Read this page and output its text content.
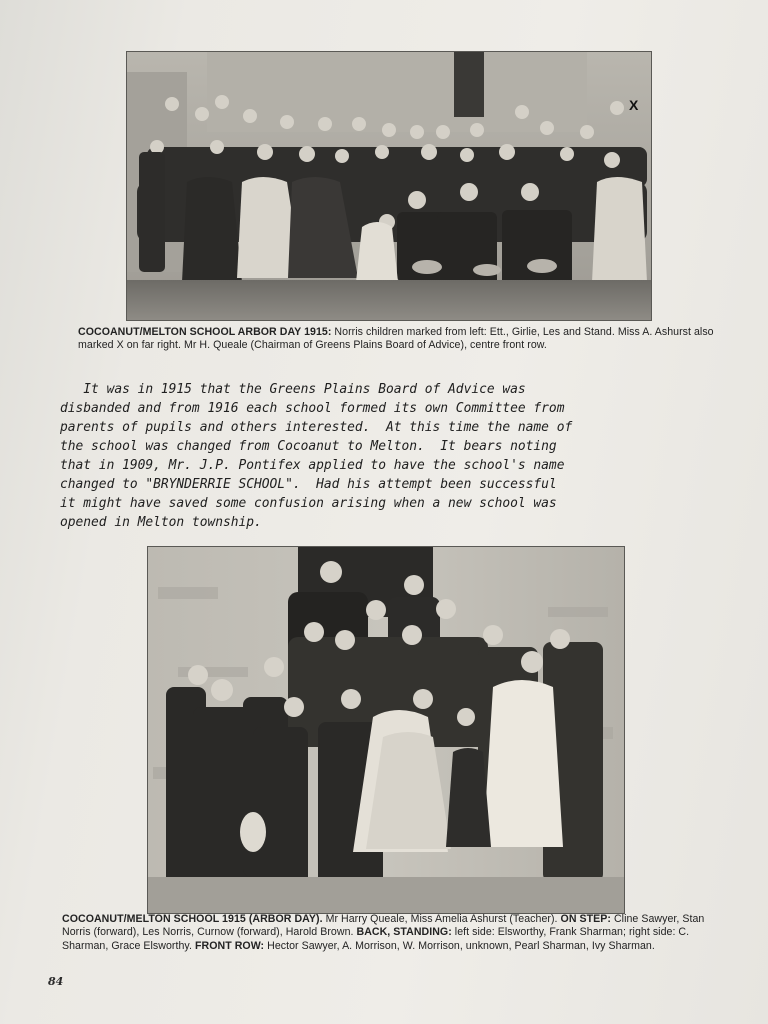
X
COCOANUT/MELTON SCHOOL ARBOR DAY 1915: Norris children marked from left: Ett., Girlie, Les and Stand. Miss A. Ashurst also marked X on far right. Mr H. Queale (Chairman of Greens Plains Board of Advice), centre front row.
It was in 1915 that the Greens Plains Board of Advice was
disbanded and from 1916 each school formed its own Committee from
parents of pupils and others interested.  At this time the name of
the school was changed from Cocoanut to Melton.  It bears noting
that in 1909, Mr. J.P. Pontifex applied to have the school's name
changed to "BRYNDERRIE SCHOOL".  Had his attempt been successful
it might have saved some confusion arising when a new school was
opened in Melton township.
COCOANUT/MELTON SCHOOL 1915 (ARBOR DAY). Mr Harry Queale, Miss Amelia Ashurst (Teacher). ON STEP: Cline Sawyer, Stan Norris (forward), Les Norris, Curnow (forward), Harold Brown. BACK, STANDING: left side: Elsworthy, Frank Sharman; right side: C. Sharman, Grace Elsworthy. FRONT ROW: Hector Sawyer, A. Morrison, W. Morrison, unknown, Pearl Sharman, Ivy Sharman.
84
